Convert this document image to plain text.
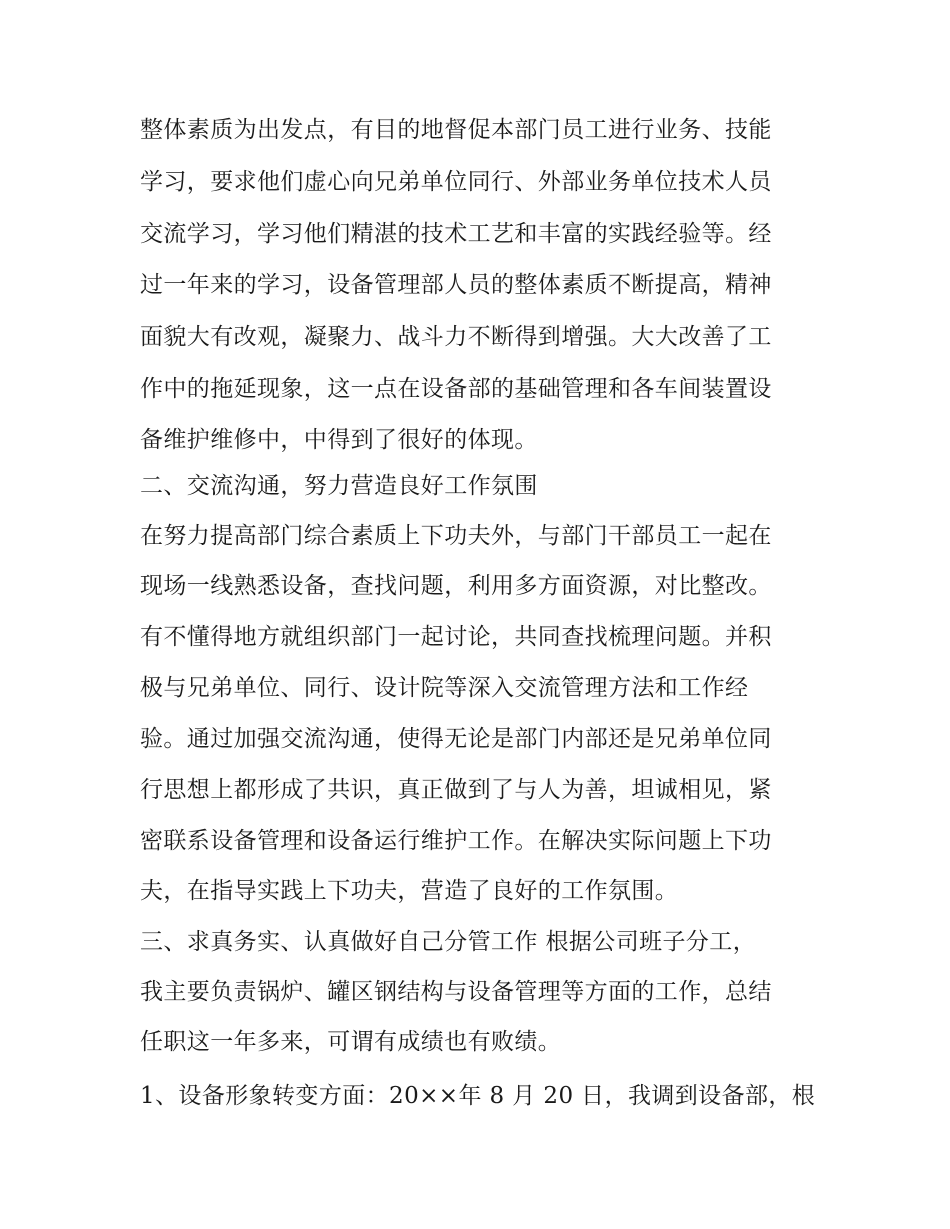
整体素质为出发点，有目的地督促本部门员工进行业务、技能
学习，要求他们虚心向兄弟单位同行、外部业务单位技术人员
交流学习，学习他们精湛的技术工艺和丰富的实践经验等。经
过一年来的学习，设备管理部人员的整体素质不断提高，精神
面貌大有改观，凝聚力、战斗力不断得到增强。大大改善了工
作中的拖延现象，这一点在设备部的基础管理和各车间装置设
备维护维修中，中得到了很好的体现。
二、交流沟通，努力营造良好工作氛围
在努力提高部门综合素质上下功夫外，与部门干部员工一起在
现场一线熟悉设备，查找问题，利用多方面资源，对比整改。
有不懂得地方就组织部门一起讨论，共同查找梳理问题。并积
极与兄弟单位、同行、设计院等深入交流管理方法和工作经
验。通过加强交流沟通，使得无论是部门内部还是兄弟单位同
行思想上都形成了共识，真正做到了与人为善，坦诚相见，紧
密联系设备管理和设备运行维护工作。在解决实际问题上下功
夫，在指导实践上下功夫，营造了良好的工作氛围。
三、求真务实、认真做好自己分管工作 根据公司班子分工，
我主要负责锅炉、罐区钢结构与设备管理等方面的工作，总结
任职这一年多来，可谓有成绩也有败绩。
1、设备形象转变方面：20××年 8 月 20 日，我调到设备部，根
